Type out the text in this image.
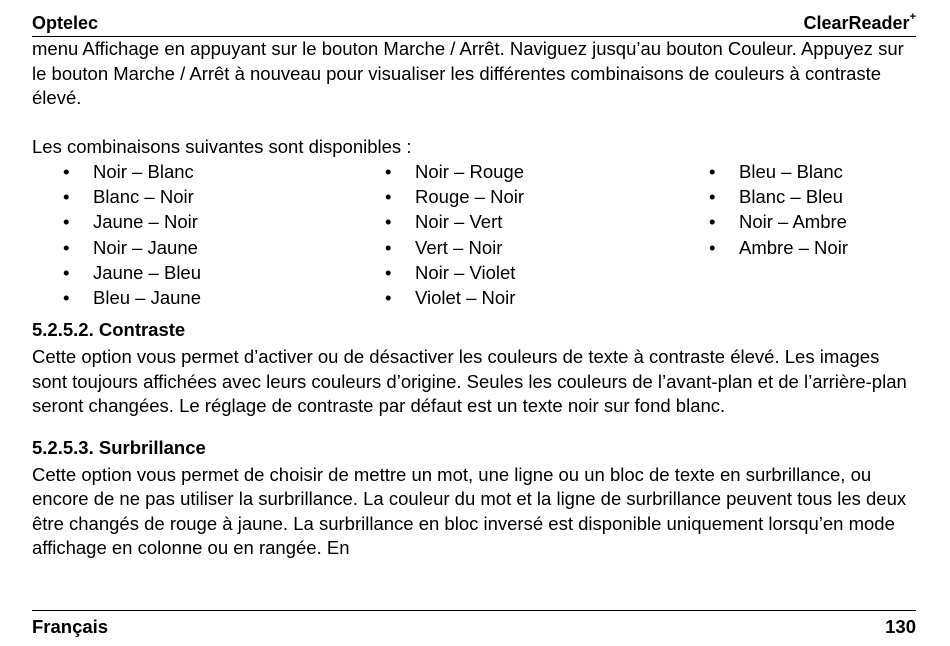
Optelec	ClearReader+

menu Affichage en appuyant sur le bouton Marche / Arrêt. Naviguez jusqu’au bouton Couleur. Appuyez sur le bouton Marche / Arrêt à nouveau pour visualiser les différentes combinaisons de couleurs à contraste élevé.

Les combinaisons suivantes sont disponibles :

• Noir – Blanc
• Blanc – Noir
• Jaune – Noir
• Noir – Jaune
• Jaune – Bleu
• Bleu – Jaune
• Noir – Rouge
• Rouge – Noir
• Noir – Vert
• Vert – Noir
• Noir – Violet
• Violet – Noir
• Bleu – Blanc
• Blanc – Bleu
• Noir – Ambre
• Ambre – Noir
5.2.5.2. Contraste

Cette option vous permet d’activer ou de désactiver les couleurs de texte à contraste élevé. Les images sont toujours affichées avec leurs couleurs d’origine. Seules les couleurs de l’avant-plan et de l’arrière-plan seront changées. Le réglage de contraste par défaut est un texte noir sur fond blanc.

5.2.5.3. Surbrillance

Cette option vous permet de choisir de mettre un mot, une ligne ou un bloc de texte en surbrillance, ou encore de ne pas utiliser la surbrillance. La couleur du mot et la ligne de surbrillance peuvent tous les deux être changés de rouge à jaune. La surbrillance en bloc inversé est disponible uniquement lorsqu’en mode affichage en colonne ou en rangée. En

Français	130
